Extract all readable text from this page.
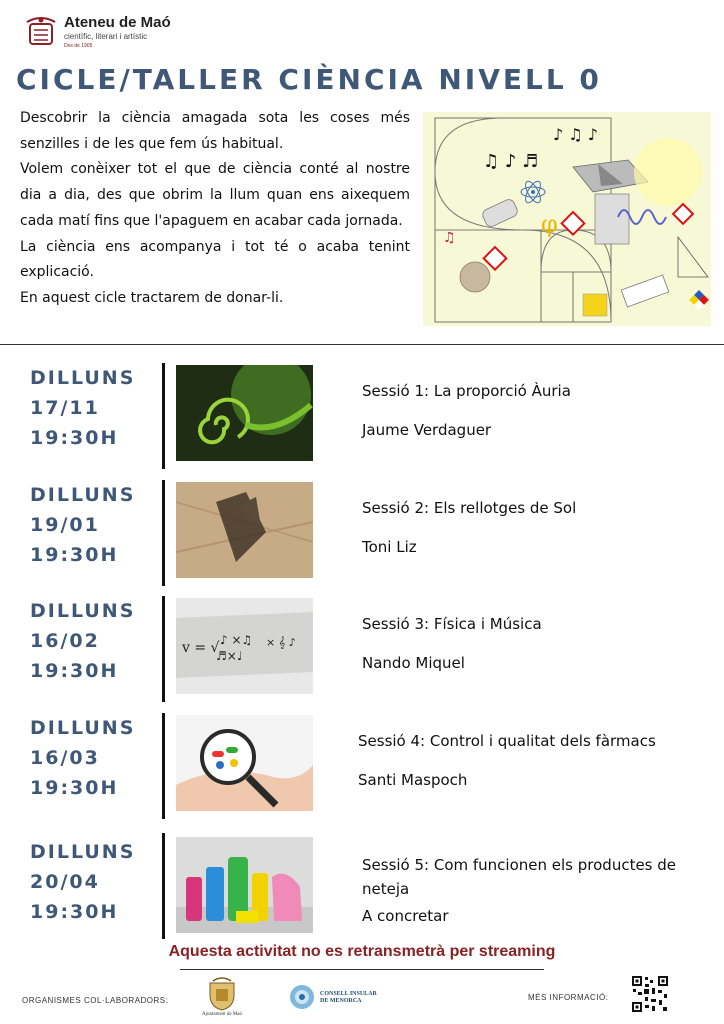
Ateneu de Maó
científic, literari i artístic
Des de 1905
CICLE/TALLER CIÈNCIA NIVELL 0

Descobrir la ciència amagada sota les coses més senzilles i de les que fem ús habitual.

Volem conèixer tot el que de ciència conté al nostre dia a dia, des que obrim la llum quan ens aixequem cada matí fins que l'apaguem en acabar cada jornada.

La ciència ens acompanya i tot té o acaba tenint explicació.

En aquest cicle tractarem de donar-li.

♫ ♪ ♬
♪ ♫ ♪
♫	φ
DILLUNS
17/11
19:30H
Sessió 1: La proporció Àuria
Jaume Verdaguer
DILLUNS
19/01
19:30H
Sessió 2: Els rellotges de Sol
Toni Liz
DILLUNS
16/02
19:30H
v = √ ♪ ×♫
♬×♩
× 𝄞 ♪
Sessió 3: Física i Música
Nando Miquel
DILLUNS
16/03
19:30H
Sessió 4: Control i qualitat dels fàrmacs
Santi Maspoch
DILLUNS
20/04
19:30H
Sessió 5: Com funcionen els productes de neteja
A concretar
Aquesta activitat no es retransmetrà per streaming
ORGANISMES COL·LABORADORS:
Ajuntament de Maó
CONSELL INSULAR
DE MENORCA	MÉS INFORMACIÓ:
